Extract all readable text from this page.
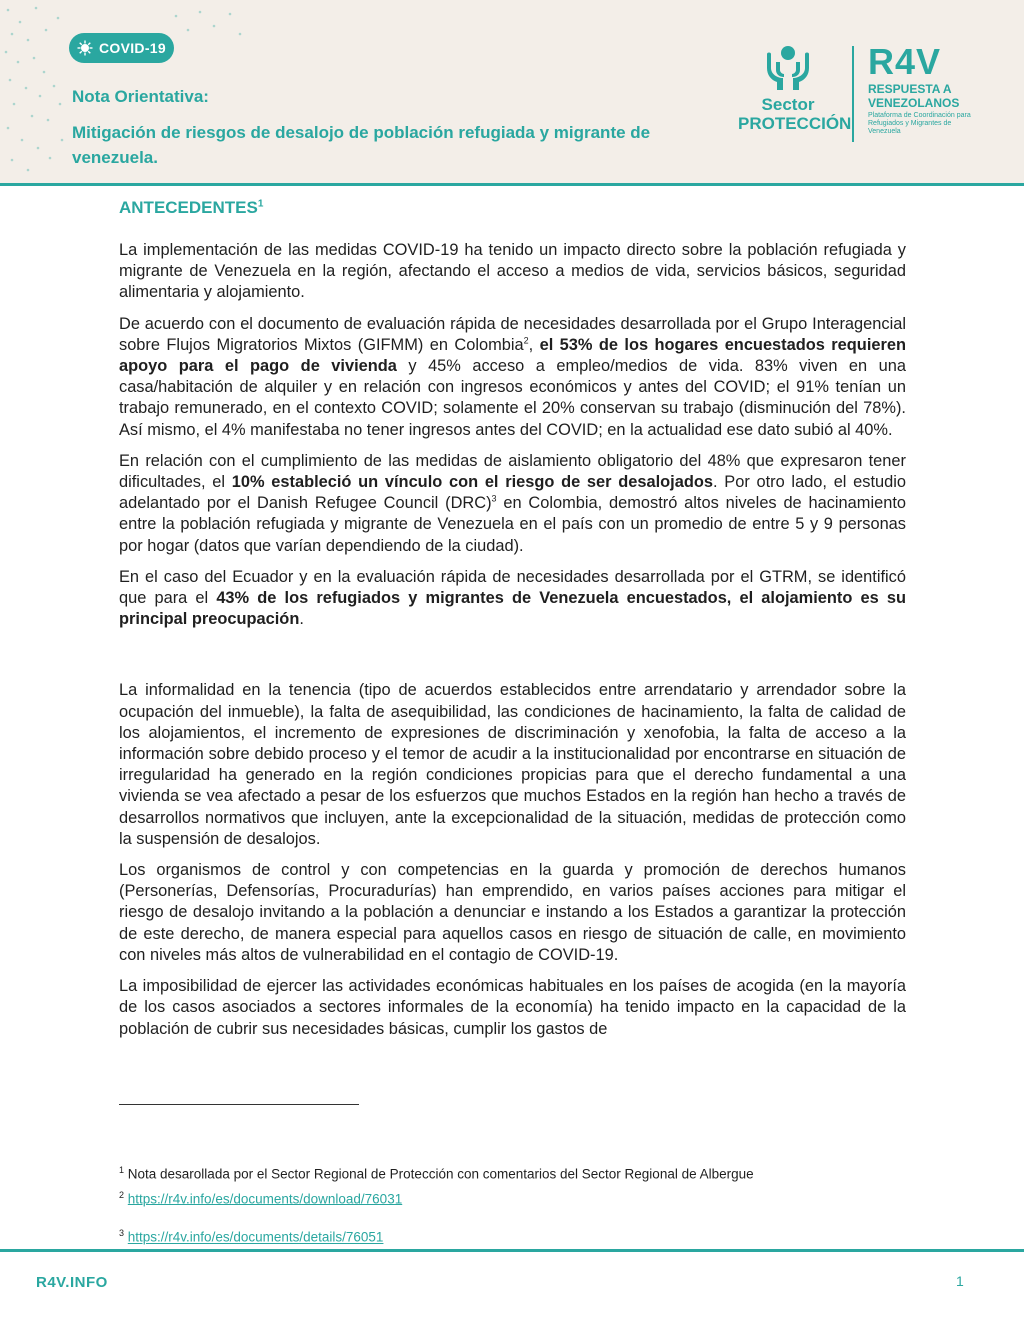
COVID-19
Nota Orientativa:
Mitigación de riesgos de desalojo de población refugiada y migrante de venezuela.
Sector
PROTECCIÓN
R4V
RESPUESTA A
VENEZOLANOS
Plataforma de Coordinación para Refugiados y Migrantes de Venezuela
ANTECEDENTES$^1$

La implementación de las medidas COVID-19 ha tenido un impacto directo sobre la población refugiada y migrante de Venezuela en la región, afectando el acceso a medios de vida, servicios básicos, seguridad alimentaria y alojamiento.

De acuerdo con el documento de evaluación rápida de necesidades desarrollada por el Grupo Interagencial sobre Flujos Migratorios Mixtos (GIFMM) en Colombia$^2$, el 53% de los hogares encuestados requieren apoyo para el pago de vivienda y 45% acceso a empleo/medios de vida. 83% viven en una casa/habitación de alquiler y en relación con ingresos económicos y antes del COVID; el 91% tenían un trabajo remunerado, en el contexto COVID; solamente el 20% conservan su trabajo (disminución del 78%). Así mismo, el 4% manifestaba no tener ingresos antes del COVID; en la actualidad ese dato subió al 40%.

En relación con el cumplimiento de las medidas de aislamiento obligatorio del 48% que expresaron tener dificultades, el 10% estableció un vínculo con el riesgo de ser desalojados. Por otro lado, el estudio adelantado por el Danish Refugee Council (DRC)$^3$ en Colombia, demostró altos niveles de hacinamiento entre la población refugiada y migrante de Venezuela en el país con un promedio de entre 5 y 9 personas por hogar (datos que varían dependiendo de la ciudad).

En el caso del Ecuador y en la evaluación rápida de necesidades desarrollada por el GTRM, se identificó que para el 43% de los refugiados y migrantes de Venezuela encuestados, el alojamiento es su principal preocupación.

La informalidad en la tenencia (tipo de acuerdos establecidos entre arrendatario y arrendador sobre la ocupación del inmueble), la falta de asequibilidad, las condiciones de hacinamiento, la falta de calidad de los alojamientos, el incremento de expresiones de discriminación y xenofobia, la falta de acceso a la información sobre debido proceso y el temor de acudir a la institucionalidad por encontrarse en situación de irregularidad ha generado en la región condiciones propicias para que el derecho fundamental a una vivienda se vea afectado a pesar de los esfuerzos que muchos Estados en la región han hecho a través de desarrollos normativos que incluyen, ante la excepcionalidad de la situación, medidas de protección como la suspensión de desalojos.

Los organismos de control y con competencias en la guarda y promoción de derechos humanos (Personerías, Defensorías, Procuradurías) han emprendido, en varios países acciones para mitigar el riesgo de desalojo invitando a la población a denunciar e instando a los Estados a garantizar la protección de este derecho, de manera especial para aquellos casos en riesgo de situación de calle, en movimiento con niveles más altos de vulnerabilidad en el contagio de COVID-19.

La imposibilidad de ejercer las actividades económicas habituales en los países de acogida (en la mayoría de los casos asociados a sectores informales de la economía) ha tenido impacto en la capacidad de la población de cubrir sus necesidades básicas, cumplir los gastos de

$^1$ Nota desarollada por el Sector Regional de Protección con comentarios del Sector Regional de Albergue
$^2$ https://r4v.info/es/documents/download/76031
$^3$ https://r4v.info/es/documents/details/76051
R4V.INFO	1
